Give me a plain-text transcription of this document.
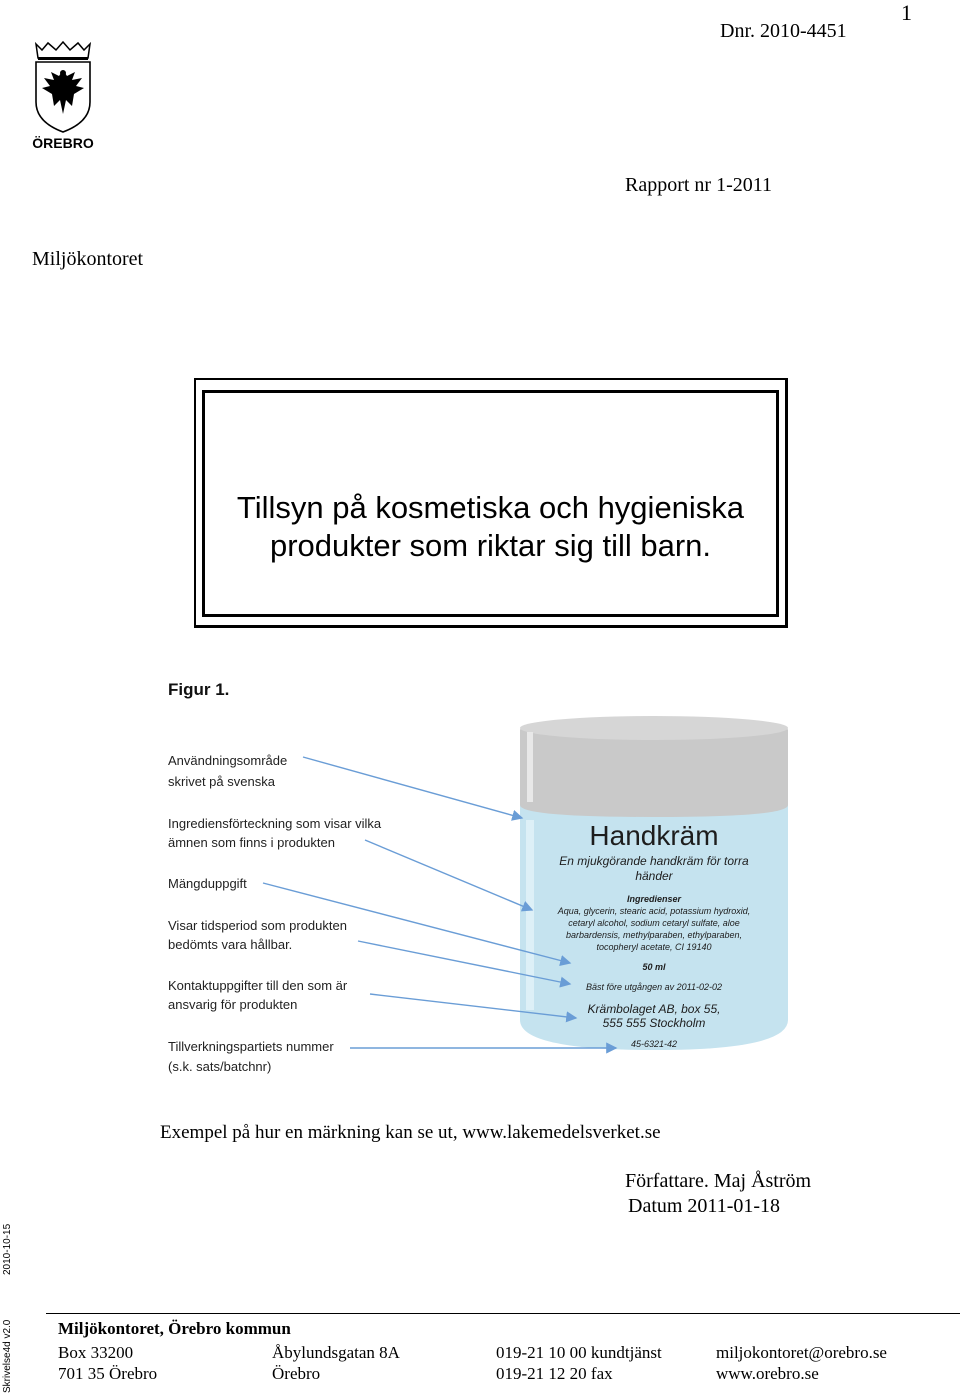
1
Dnr. 2010-4451
ÖREBRO
Rapport nr 1-2011
Miljökontoret
Tillsyn på kosmetiska och hygieniska
produkter som riktar sig till barn.
Figur 1.
Användningsområde
skrivet på svenska
Ingrediensförteckning som visar vilka
ämnen som finns i produkten
Mängduppgift
Visar tidsperiod som produkten
bedömts vara hållbar.
Kontaktuppgifter till den som är
ansvarig för produkten
Tillverkningspartiets nummer
(s.k. sats/batchnr)
Handkräm
En mjukgörande handkräm för torra
händer
Ingredienser
Aqua, glycerin, stearic acid, potassium hydroxid,
cetaryl alcohol, sodium cetaryl sulfate, aloe
barbardensis, methylparaben, ethylparaben,
tocopheryl acetate, CI 19140
50 ml
Bäst före utgången av 2011-02-02
Krämbolaget AB, box 55,
555 555 Stockholm
45-6321-42
Exempel på hur en märkning kan se ut, www.lakemedelsverket.se
Författare. Maj Åström
Datum 2011-01-18
2010-10-15
Skrivelse4d v2.0	Miljökontoret, Örebro kommun
Box 33200
701 35 Örebro
Åbylundsgatan 8A
Örebro
019-21 10 00 kundtjänst
019-21 12 20 fax
miljokontoret@orebro.se
www.orebro.se
